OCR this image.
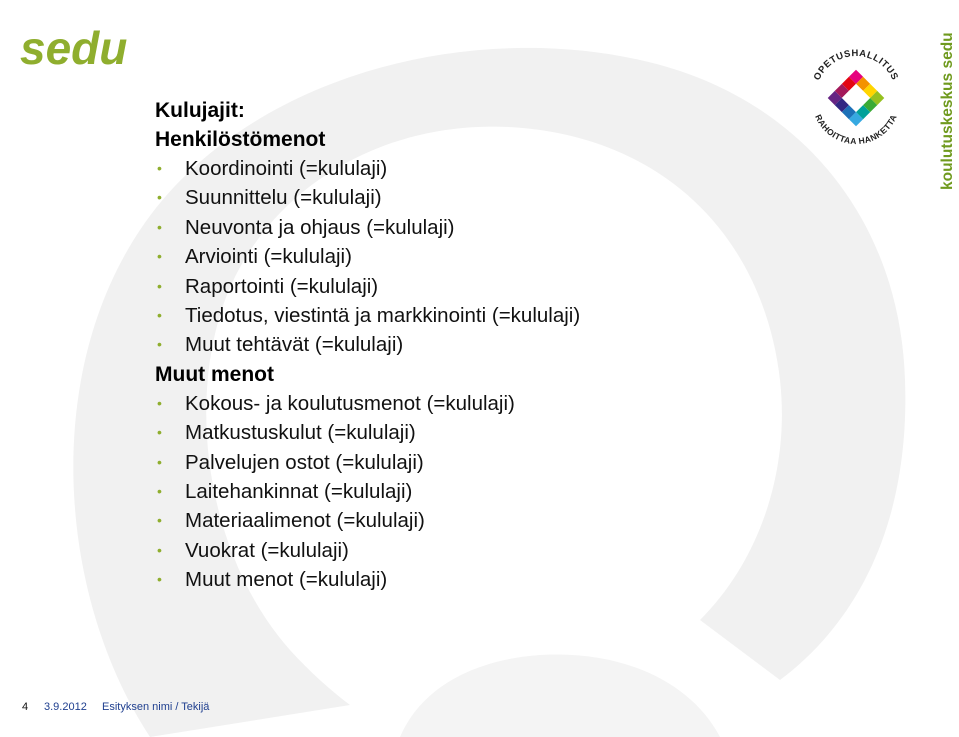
sedu
OPETUSHALLITUS
RAHOITTAA HANKETTA	koulutuskeskus sedu
Kulujajit:
Henkilöstömenot
• Koordinointi (=kululaji)
• Suunnittelu (=kululaji)
• Neuvonta ja ohjaus (=kululaji)
• Arviointi (=kululaji)
• Raportointi (=kululaji)
• Tiedotus, viestintä ja markkinointi (=kululaji)
• Muut tehtävät (=kululaji)
Muut menot
• Kokous- ja koulutusmenot (=kululaji)
• Matkustuskulut (=kululaji)
• Palvelujen ostot (=kululaji)
• Laitehankinnat (=kululaji)
• Materiaalimenot (=kululaji)
• Vuokrat (=kululaji)
• Muut menot (=kululaji)
4 3.9.2012 Esityksen nimi / Tekijä
